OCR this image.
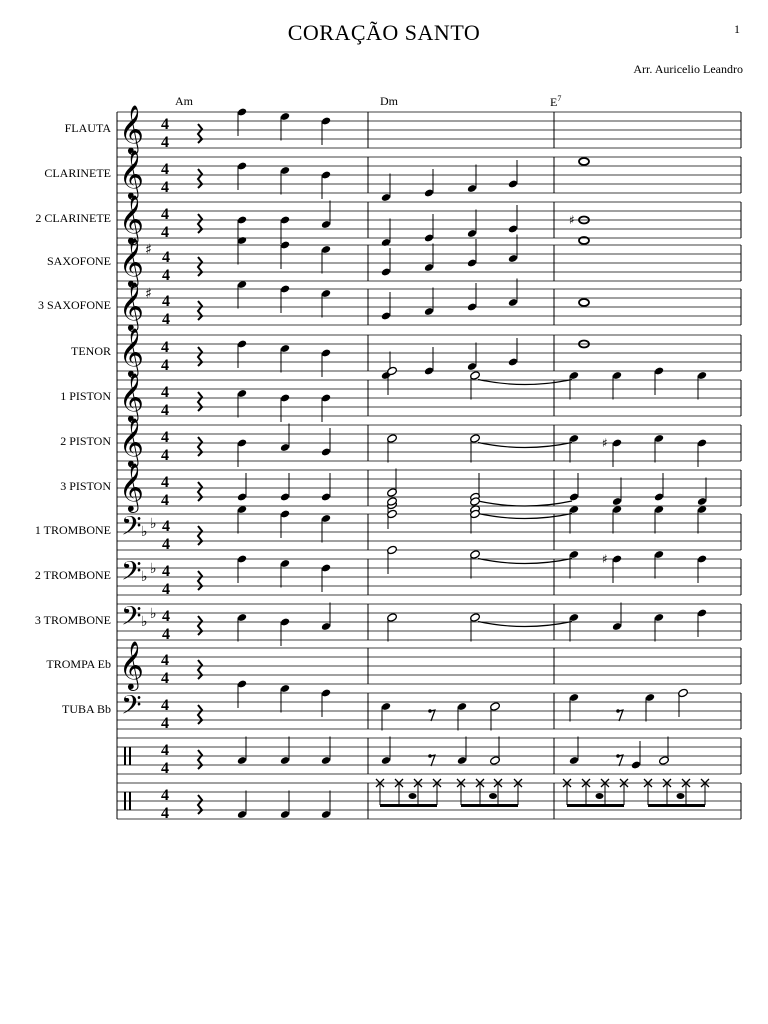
CORAÇÃO SANTO	1
Arr. Auricelio Leandro
Am	Dm	$E^7$
FLAUTA
CLARINETE
2 CLARINETE
SAXOFONE
3 SAXOFONE
TENOR
1 PISTON
2 PISTON
3 PISTON
1 TROMBONE
2 TROMBONE
3 TROMBONE
TROMPA Eb
TUBA Bb
𝄞 4
4
𝄞 4
4
𝄞 4
4
𝄞 ♯ 4
4
𝄞 ♯ 4
4
𝄞 4
4
𝄞 4
4
𝄞 4
4
𝄞 4
4
𝄢 ♭ ♭ 4
4
𝄢 ♭ ♭ 4
4
𝄢 ♭ ♭ 4
4
𝄞 4
4
𝄢 4
4
4
4
4
4
♯
♯
♯
